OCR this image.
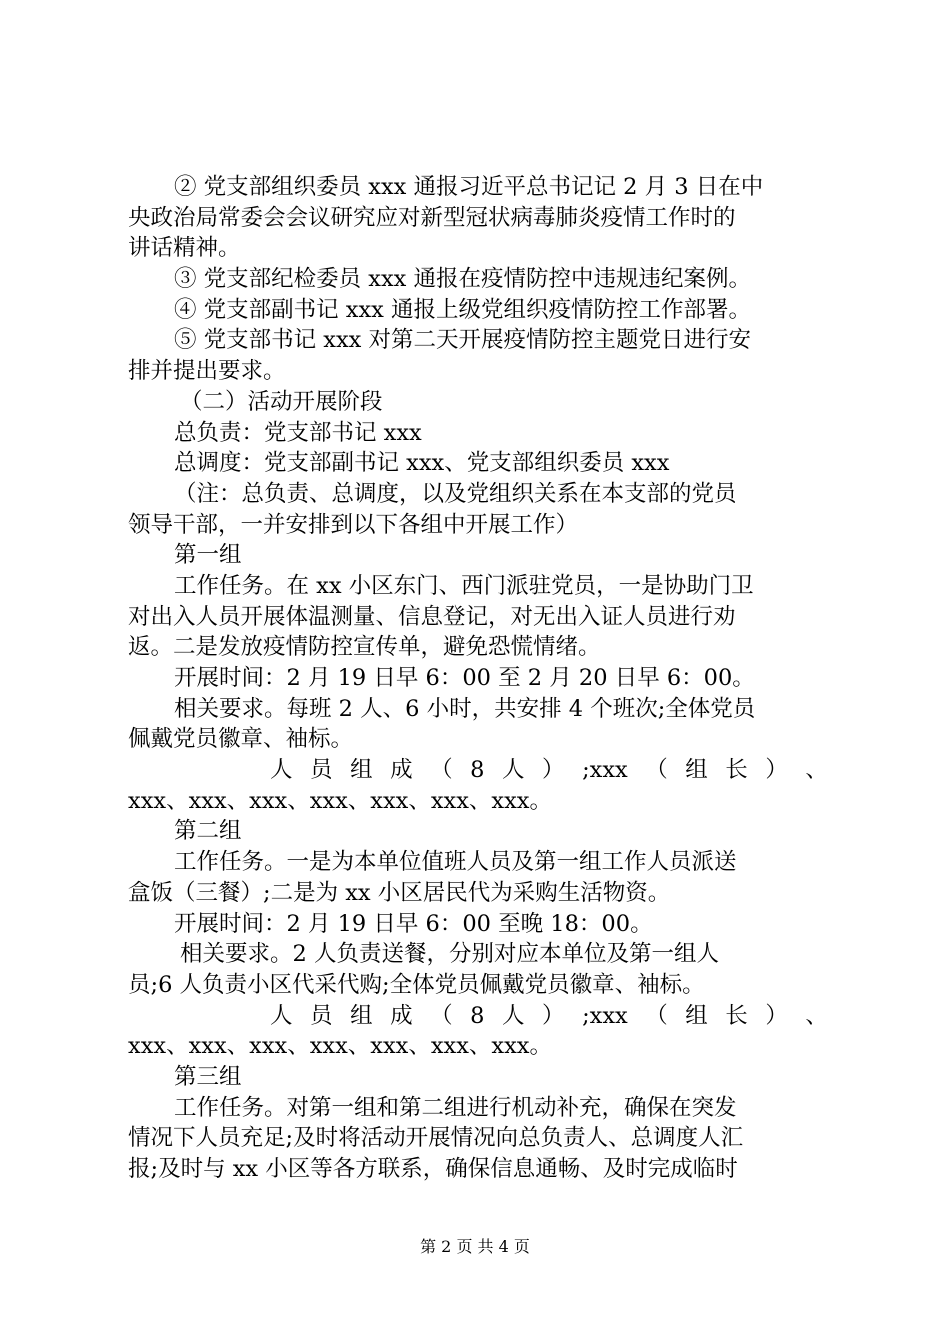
② 党支部组织委员 xxx 通报习近平总书记记 2 月 3 日在中
央政治局常委会会议研究应对新型冠状病毒肺炎疫情工作时的
讲话精神。
③ 党支部纪检委员 xxx 通报在疫情防控中违规违纪案例。
④ 党支部副书记 xxx 通报上级党组织疫情防控工作部署。
⑤ 党支部书记 xxx 对第二天开展疫情防控主题党日进行安
排并提出要求。
（二）活动开展阶段
总负责：党支部书记 xxx
总调度：党支部副书记 xxx、党支部组织委员 xxx
（注：总负责、总调度，以及党组织关系在本支部的党员
领导干部，一并安排到以下各组中开展工作）
第一组
工作任务。在 xx 小区东门、西门派驻党员，一是协助门卫
对出入人员开展体温测量、信息登记，对无出入证人员进行劝
返。二是发放疫情防控宣传单，避免恐慌情绪。
开展时间：2 月 19 日早 6：00 至 2 月 20 日早 6：00。
相关要求。每班 2 人、6 小时，共安排 4 个班次;全体党员
佩戴党员徽章、袖标。
人 员 组 成 （ 8 人 ） ;xxx （ 组 长 ） 、
xxx、xxx、xxx、xxx、xxx、xxx、xxx。
第二组
工作任务。一是为本单位值班人员及第一组工作人员派送
盒饭（三餐）;二是为 xx 小区居民代为采购生活物资。
开展时间：2 月 19 日早 6：00 至晚 18：00。
相关要求。2 人负责送餐，分别对应本单位及第一组人
员;6 人负责小区代采代购;全体党员佩戴党员徽章、袖标。
人 员 组 成 （ 8 人 ） ;xxx （ 组 长 ） 、
xxx、xxx、xxx、xxx、xxx、xxx、xxx。
第三组
工作任务。对第一组和第二组进行机动补充，确保在突发
情况下人员充足;及时将活动开展情况向总负责人、总调度人汇
报;及时与 xx 小区等各方联系，确保信息通畅、及时完成临时
第 2 页 共 4 页
